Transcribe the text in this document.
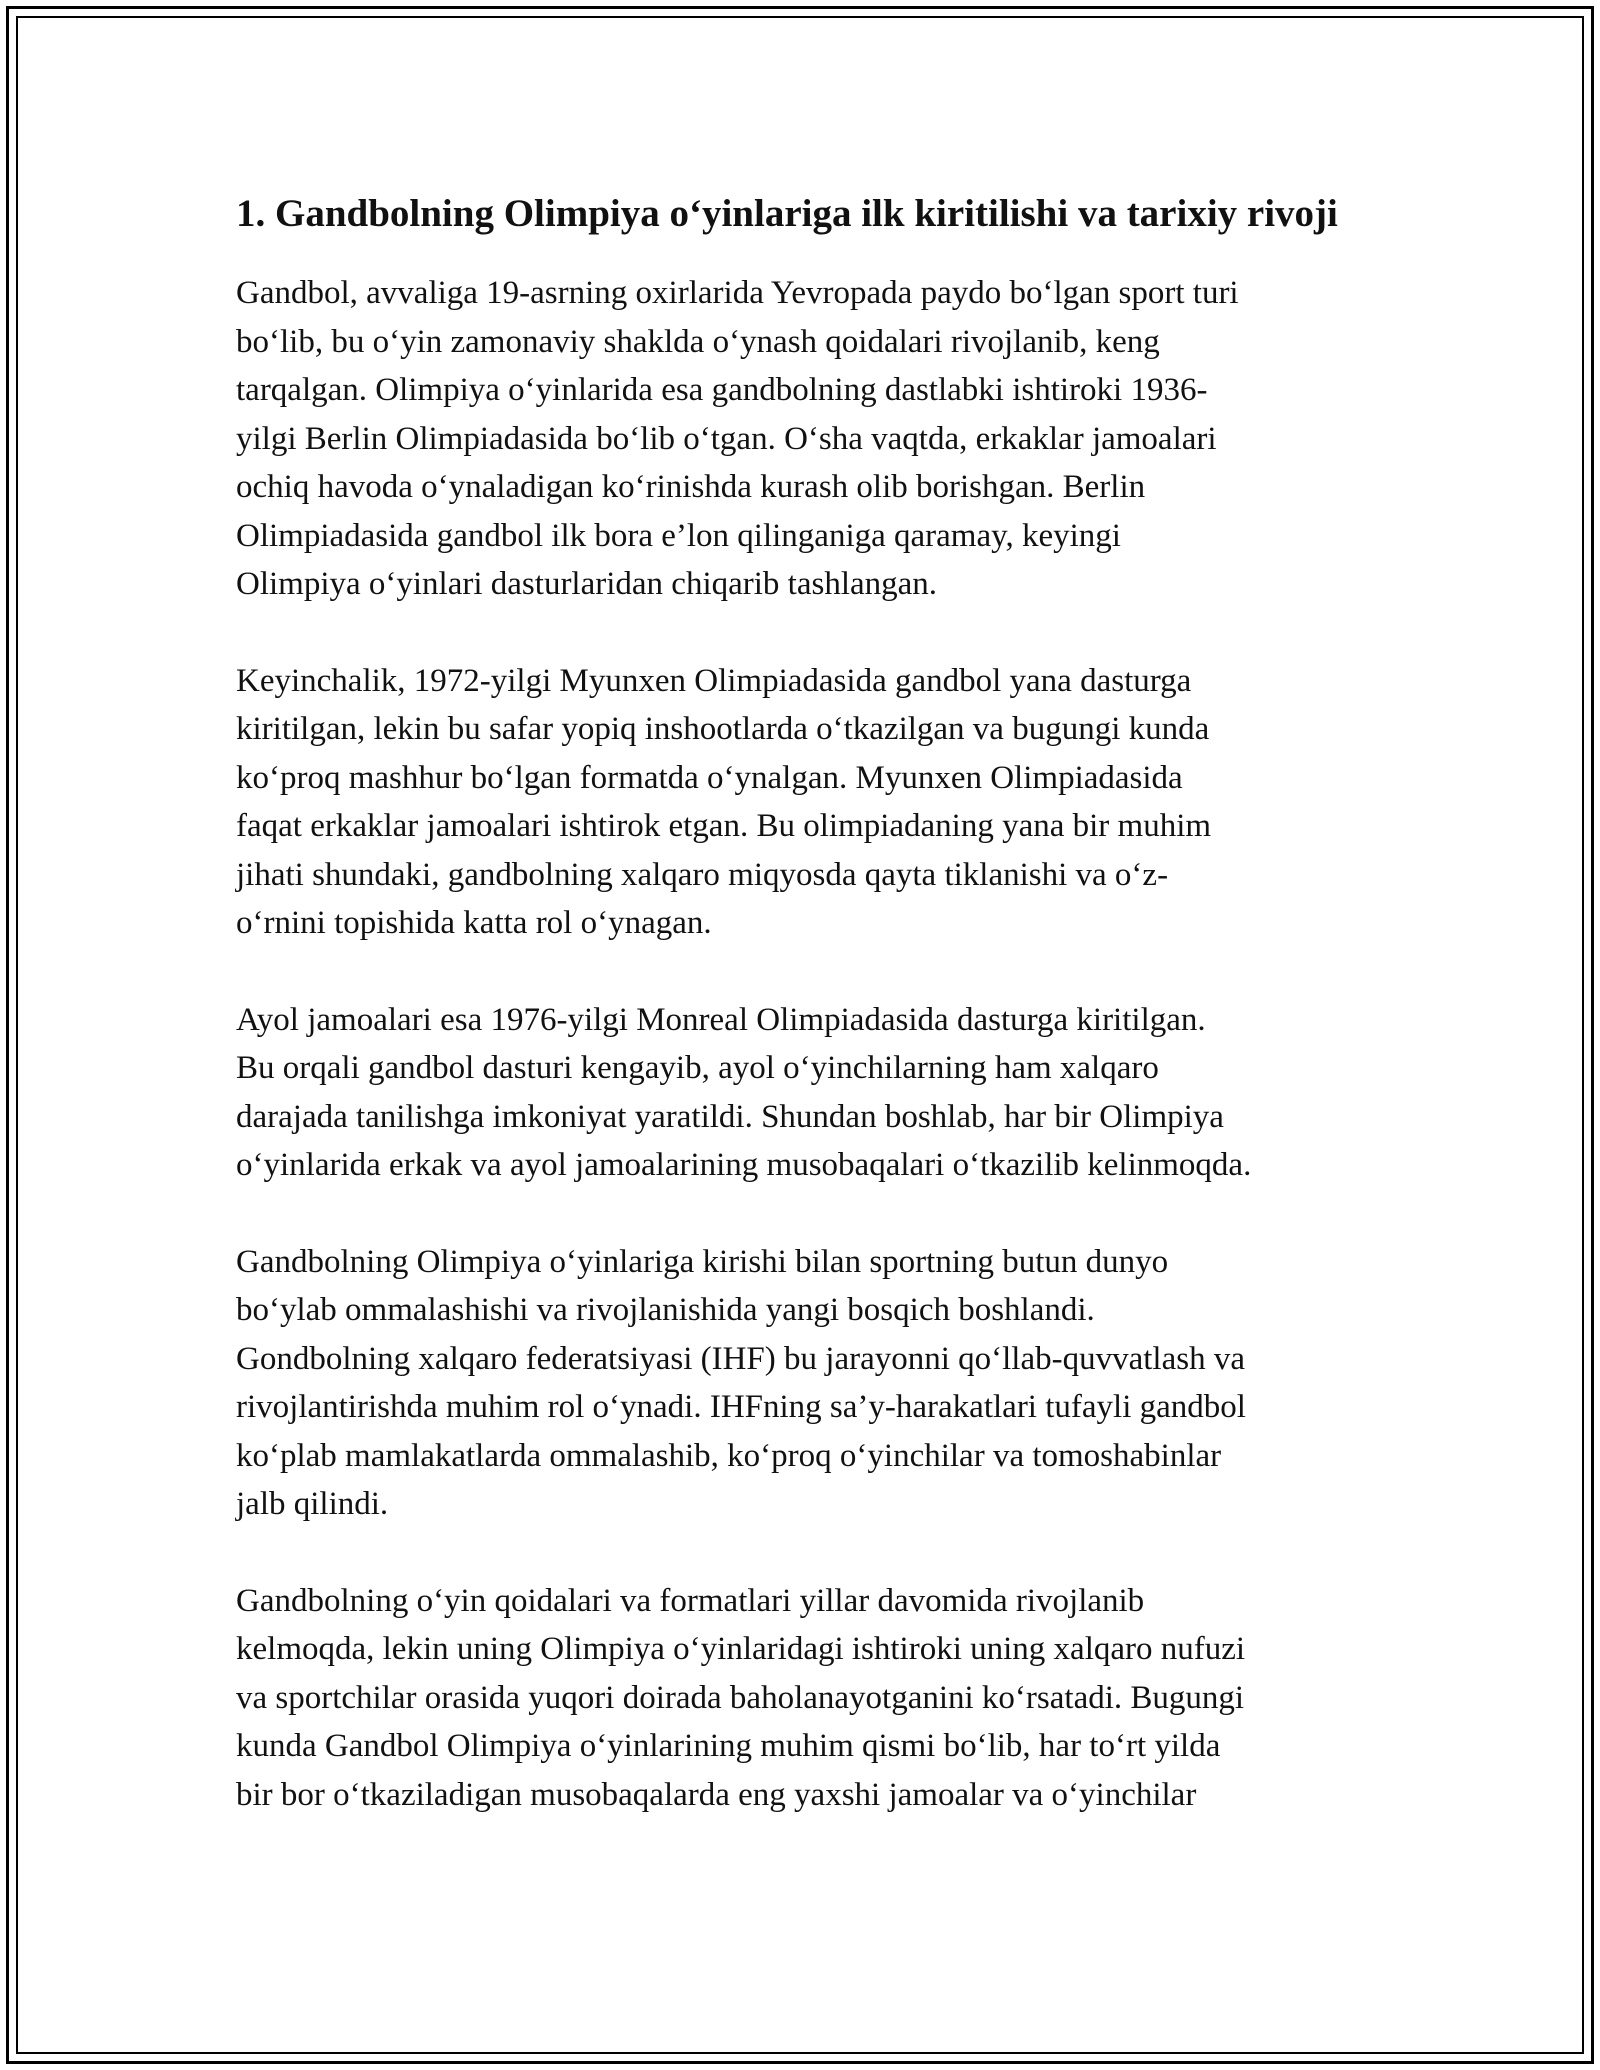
1. Gandbolning Olimpiya o‘yinlariga ilk kiritilishi va tarixiy rivoji
Gandbol, avvaliga 19-asrning oxirlarida Yevropada paydo bo‘lgan sport turi
bo‘lib, bu o‘yin zamonaviy shaklda o‘ynash qoidalari rivojlanib, keng
tarqalgan. Olimpiya o‘yinlarida esa gandbolning dastlabki ishtiroki 1936-
yilgi Berlin Olimpiadasida bo‘lib o‘tgan. O‘sha vaqtda, erkaklar jamoalari
ochiq havoda o‘ynaladigan ko‘rinishda kurash olib borishgan. Berlin
Olimpiadasida gandbol ilk bora e’lon qilinganiga qaramay, keyingi
Olimpiya o‘yinlari dasturlaridan chiqarib tashlangan.
Keyinchalik, 1972-yilgi Myunxen Olimpiadasida gandbol yana dasturga
kiritilgan, lekin bu safar yopiq inshootlarda o‘tkazilgan va bugungi kunda
ko‘proq mashhur bo‘lgan formatda o‘ynalgan. Myunxen Olimpiadasida
faqat erkaklar jamoalari ishtirok etgan. Bu olimpiadaning yana bir muhim
jihati shundaki, gandbolning xalqaro miqyosda qayta tiklanishi va o‘z-
o‘rnini topishida katta rol o‘ynagan.
Ayol jamoalari esa 1976-yilgi Monreal Olimpiadasida dasturga kiritilgan.
Bu orqali gandbol dasturi kengayib, ayol o‘yinchilarning ham xalqaro
darajada tanilishga imkoniyat yaratildi. Shundan boshlab, har bir Olimpiya
o‘yinlarida erkak va ayol jamoalarining musobaqalari o‘tkazilib kelinmoqda.
Gandbolning Olimpiya o‘yinlariga kirishi bilan sportning butun dunyo
bo‘ylab ommalashishi va rivojlanishida yangi bosqich boshlandi.
Gondbolning xalqaro federatsiyasi (IHF) bu jarayonni qo‘llab-quvvatlash va
rivojlantirishda muhim rol o‘ynadi. IHFning sa’y-harakatlari tufayli gandbol
ko‘plab mamlakatlarda ommalashib, ko‘proq o‘yinchilar va tomoshabinlar
jalb qilindi.
Gandbolning o‘yin qoidalari va formatlari yillar davomida rivojlanib
kelmoqda, lekin uning Olimpiya o‘yinlaridagi ishtiroki uning xalqaro nufuzi
va sportchilar orasida yuqori doirada baholanayotganini ko‘rsatadi. Bugungi
kunda Gandbol Olimpiya o‘yinlarining muhim qismi bo‘lib, har to‘rt yilda
bir bor o‘tkaziladigan musobaqalarda eng yaxshi jamoalar va o‘yinchilar
